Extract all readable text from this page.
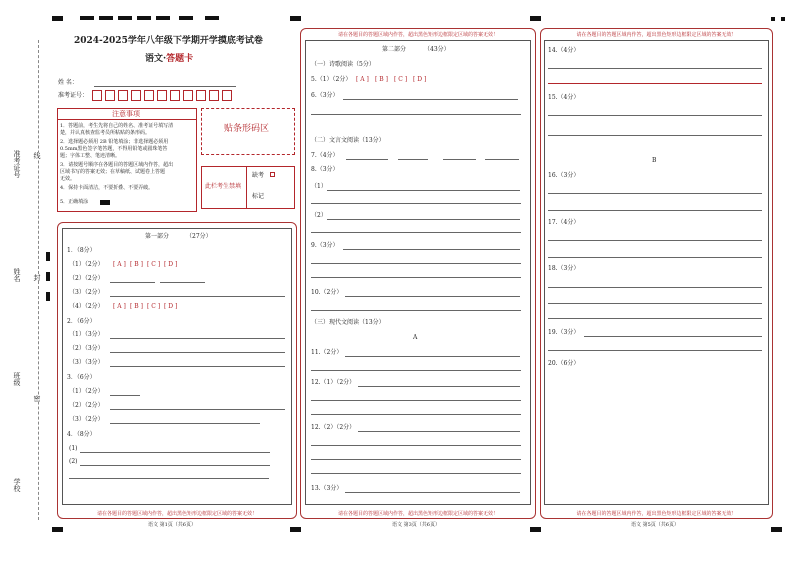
准考证号
姓名
班级
学校
线
封
密
2024-2025学年八年级下学期开学摸底考试卷
语文·答题卡
姓 名：
准考证号：
注意事项
1．答题前，考生先将自己的姓名、准考证号填写清
楚，并认真核查监考员所粘贴的条形码。
2．选择题必须用 2B 铅笔填涂；非选择题必须用
0.5mm黑色签字笔答题，不得用铅笔或圆珠笔答
题；字体工整、笔迹清晰。
3．请按题号顺序在各题目的答题区域内作答，超出
区域书写的答案无效；在草稿纸、试题卷上答题
无效。
4．保持卡面清洁，不要折叠、不要弄破。
5．正确填涂
贴条形码区
此栏考生禁填
缺考
标记
请在各题目的答题区域内作答，超出黑色矩形边框限定区域的答案无效！
第一部分	（27分）
1．（8分）
（1）（2分） [ A ] [ B ] [ C ] [ D ]
（2）（2分）
（3）（2分）
（4）（2分） [ A ] [ B ] [ C ] [ D ]
2．（6分）
（1）（3分）
（2）（3分）
（3）（3分）
3．（6分）
（1）（2分）
（2）（2分）
（3）（2分）
4．（8分）
(1)
(2)
语文 第1页（共6页）
请在各题目的答题区域内作答，超出黑色矩形边框限定区域的答案无效！
请在各题目的答题区域内作答，超出黑色矩形边框限定区域的答案无效！
第二部分	（43分）
（一）诗歌阅读（5分）
5.（1）（2分） [ A ] [ B ] [ C ] [ D ]
6.（3分）
（二）文言文阅读（13分）
7.（4分）
8.（3分）
（1）
（2）
9.（3分）
10.（2分）
（三）现代文阅读（13分）
A
11.（2分）
12.（1）（2分）
12.（2）（2分）
13.（3分）
语文 第3页（共6页）
请在各题目的答题区域内作答，超出黑色矩形边框限定区域的答案无效！
请在各题目的答题区域内作答，超出黑色矩形边框限定区域的答案无效！
14.（4分）
15.（4分）
B
16.（3分）
17.（4分）
18.（3分）
19.（3分）
20.（6分）
语文 第5页（共6页）
